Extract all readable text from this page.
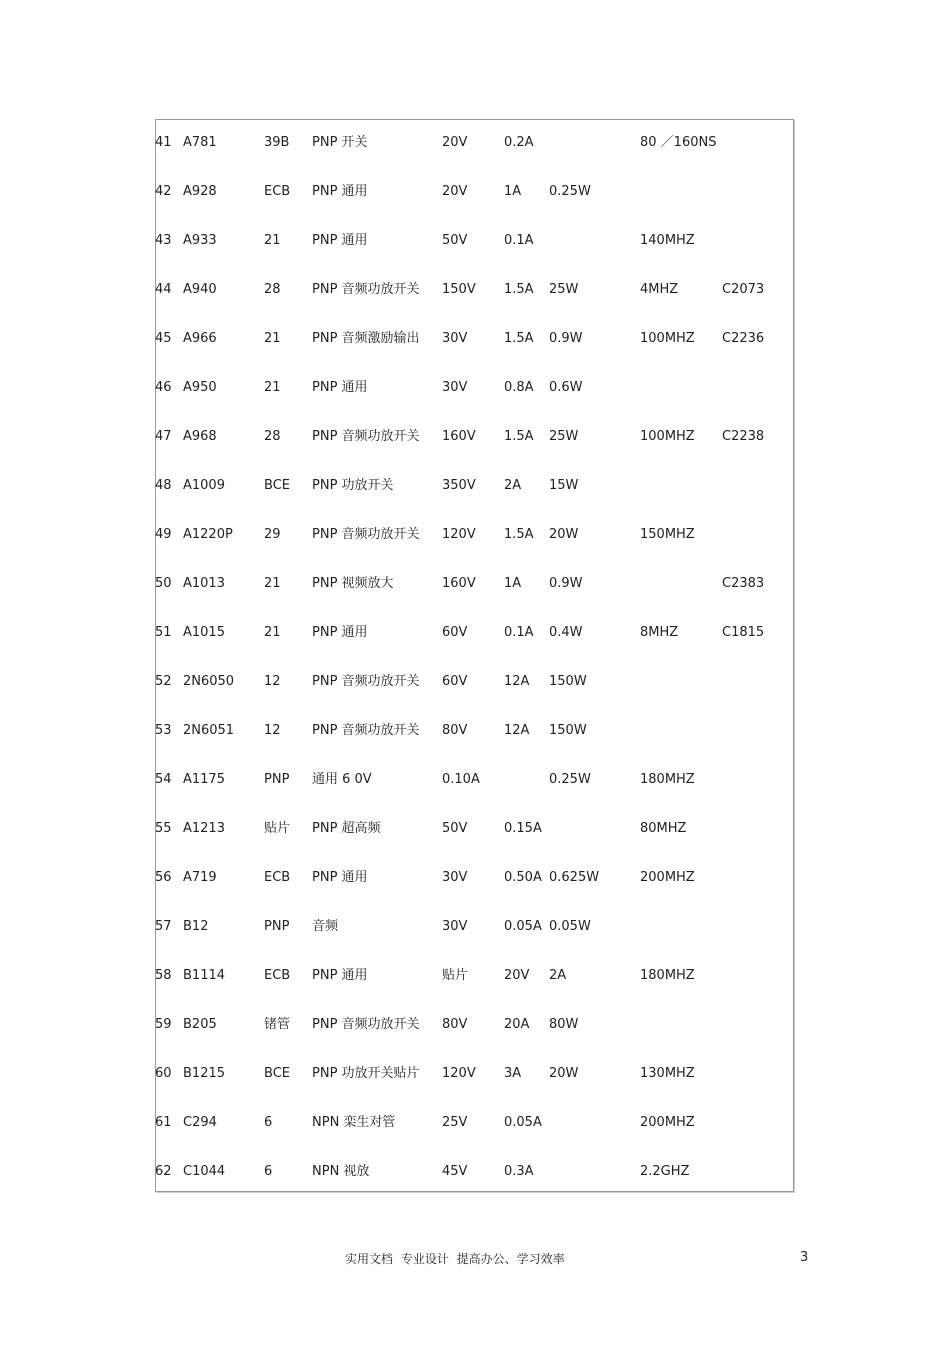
41 A781	39B PNP 开关	20V	0.2A	80 ／160NS
42 A928	ECB PNP 通用	20V	1A 0.25W
43 A933	21 PNP 通用	50V	0.1A	140MHZ
44 A940	28 PNP 音频功放开关 150V 1.5A 25W	4MHZ	C2073
45 A966	21 PNP 音频激励输出 30V	1.5A 0.9W	100MHZ C2236
46 A950	21 PNP 通用	30V	0.8A 0.6W
47 A968	28 PNP 音频功放开关 160V 1.5A 25W	100MHZ C2238
48 A1009	BCE PNP 功放开关	350V 2A 15W
49 A1220P 29 PNP 音频功放开关 120V 1.5A 20W	150MHZ
50 A1013	21 PNP 视频放大	160V 1A 0.9W	C2383
51 A1015	21 PNP 通用	60V	0.1A 0.4W	8MHZ	C1815
52 2N6050 12 PNP 音频功放开关 60V	12A 150W
53 2N6051 12 PNP 音频功放开关 80V	12A 150W
54 A1175	PNP 通用 6 0V	0.10A	0.25W	180MHZ
55 A1213	贴片 PNP 超高频	50V	0.15A	80MHZ
56 A719	ECB PNP 通用	30V	0.50A 0.625W	200MHZ
57 B12	PNP 音频	30V	0.05A 0.05W
58 B1114	ECB PNP 通用	贴片	20V 2A	180MHZ
59 B205	锗管 PNP 音频功放开关 80V	20A 80W
60 B1215	BCE PNP 功放开关贴片 120V 3A 20W	130MHZ
61 C294	6	NPN 栾生对管	25V	0.05A	200MHZ
62 C1044	6	NPN 视放	45V	0.3A	2.2GHZ
实用文档 专业设计 提高办公、学习效率	3
